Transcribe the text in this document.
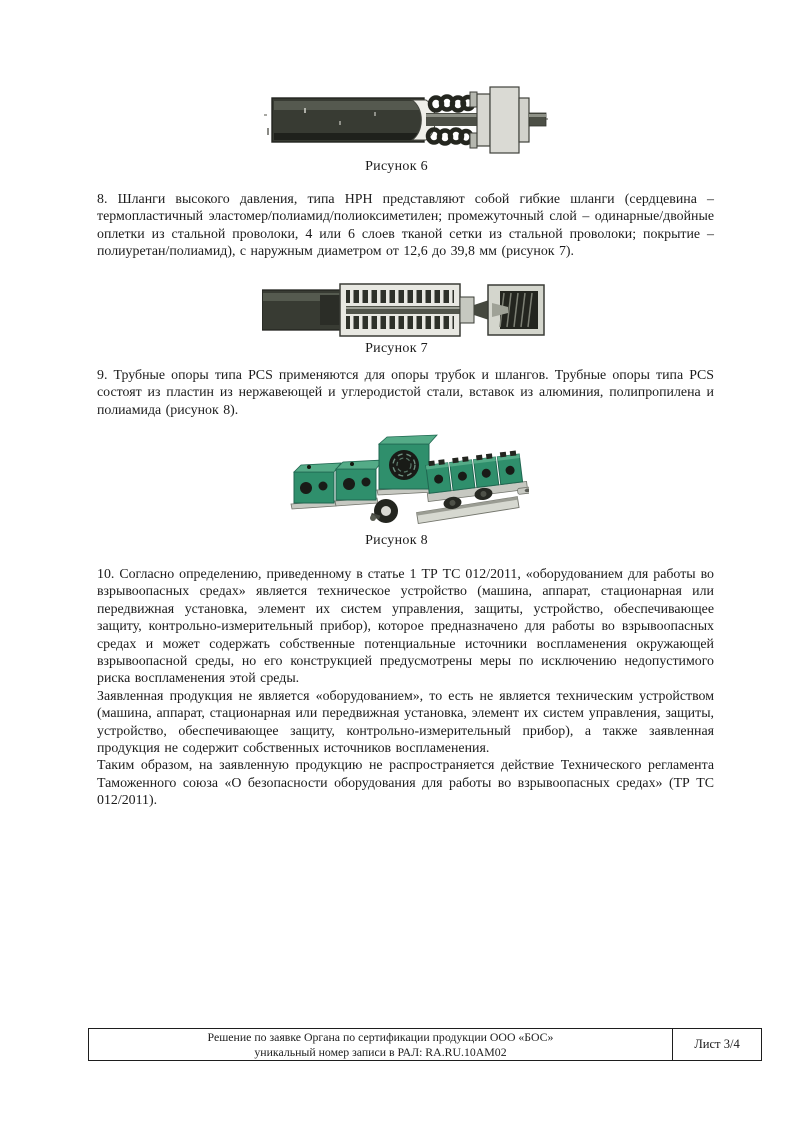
Рисунок 6

8. Шланги высокого давления, типа HPH представляют собой гибкие шланги (сердцевина – термопластичный эластомер/полиамид/полиоксиметилен; промежуточный слой – одинарные/двойные оплетки из стальной проволоки, 4 или 6 слоев тканой сетки из стальной проволоки; покрытие – полиуретан/полиамид), с наружным диаметром от 12,6 до 39,8 мм (рисунок 7).

Рисунок 7

9. Трубные опоры типа PCS применяются для опоры трубок и шлангов. Трубные опоры типа PCS состоят из пластин из нержавеющей и углеродистой стали, вставок из алюминия, полипропилена и полиамида (рисунок 8).

Рисунок 8

10. Согласно определению, приведенному в статье 1 ТР ТС 012/2011, «оборудованием для работы во взрывоопасных средах» является техническое устройство (машина, аппарат, стационарная или передвижная установка, элемент их систем управления, защиты, устройство, обеспечивающее защиту, контрольно-измерительный прибор), которое предназначено для работы во взрывоопасных средах и может содержать собственные потенциальные источники воспламенения окружающей взрывоопасной среды, но его конструкцией предусмотрены меры по исключению недопустимого риска воспламенения этой среды.

Заявленная продукция не является «оборудованием», то есть не является техническим устройством (машина, аппарат, стационарная или передвижная установка, элемент их систем управления, защиты, устройство, обеспечивающее защиту, контрольно-измерительный прибор), а также заявленная продукция не содержит собственных источников воспламенения.

Таким образом, на заявленную продукцию не распространяется действие Технического регламента Таможенного союза «О безопасности оборудования для работы во взрывоопасных средах» (ТР ТС 012/2011).

Решение по заявке Органа по сертификации продукции ООО «БОС»
уникальный номер записи в РАЛ: RA.RU.10АМ02
Лист 3/4
